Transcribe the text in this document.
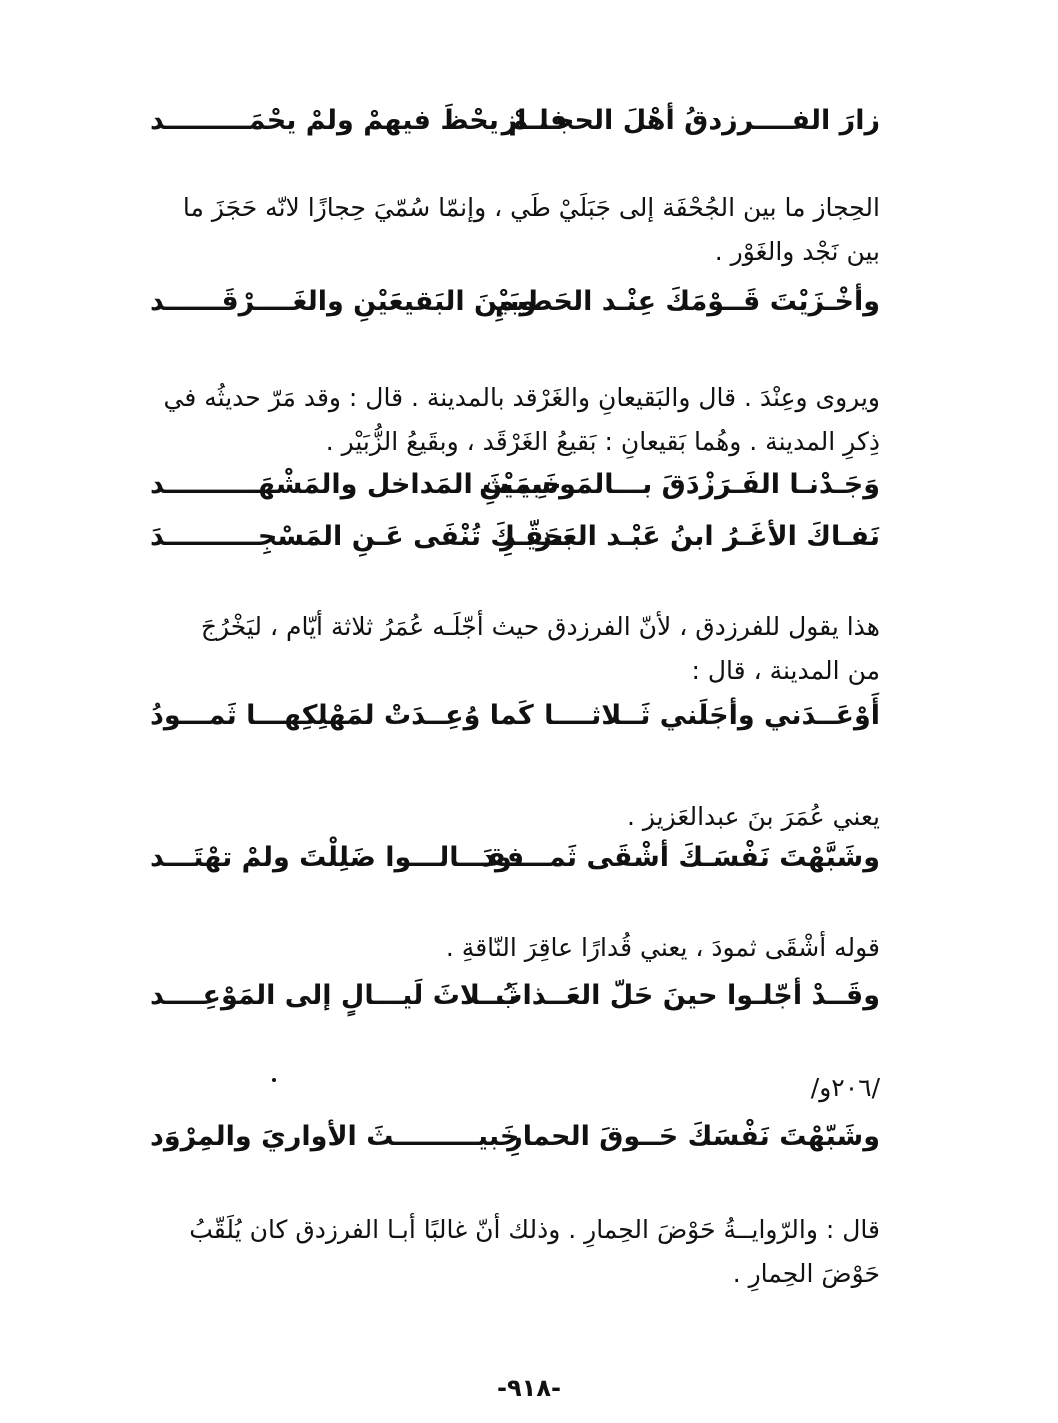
زارَ الفــــرزدقُ أهْلَ الحجـــاز
فلـمْ يحْظَ فيهمْ ولمْ يحْمَـــــــــد
الحِجاز ما بين الجُحْفَة إلى جَبَلَيْ طَي ، وإنمّا سُمّيَ حِجازًا لانّه حَجَزَ ما
بين نَجْد والغَوْر .
وأخْـزَيْتَ قَــوْمَكَ عِنْـد الحَطيمِ
وبَيْنَ البَقيعَيْنِ والغَــــرْقَــــــد
ويروى وعِنْدَ . قال والبَقيعانِ والغَرْقد بالمدينة . قال : وقد مَرّ حديثُه في
ذِكرِ المدينة . وهُما بَقيعانِ : بَقيعُ الغَرْقَد ، وبقَيعُ الزُّبَيْر .
وَجَـدْنـا الفَـرَزْدَقَ بـــالمَوسِمَيْنِ
خَبيـثَ المَداخل والمَشْهَــــــــــد
نَفـاكَ الأغَـرُ ابنُ عَبْـد العَـزيـزِ
بحَقّـكَ تُنْفَى عَـنِ المَسْجِــــــــــدَ
هذا يقول للفرزدق ، لأنّ الفرزدق حيث أجّلَـه عُمَرُ ثلاثة أيّام ، ليَخْرُجَ
من المدينة ، قال :
أَوْعَــدَني وأجَلَني ثَــلاثــــا
كَما وُعِــدَتْ لمَهْلِكِهـــا ثَمـــودُ
يعني عُمَرَ بنَ عبدالعَزيز .
وشَبَّهْتَ نَفْسَـكَ أشْقَى ثَمــــودَ
فقـــالـــوا ضَلِلْتَ ولمْ تهْتَـــد
قوله أشْقَى ثمودَ ، يعني قُدارًا عاقِرَ النّاقةِ .
وقَــدْ أجّلـوا حينَ حَلّ العَــذابُ
ثَـــلاثَ لَيـــالٍ إلى المَوْعِــــد
/٢٠٦و/
وشَبّهْتَ نَفْسَكَ حَــوقَ الحمارِ
خَبيـــــــــثَ الأواريَ والمِرْوَد
قال : والرّوايــةُ حَوْضَ الحِمارِ . وذلك أنّ غالبًا أبـا الفرزدق كان يُلَقّبُ
حَوْضَ الحِمارِ .
-٩١٨-
